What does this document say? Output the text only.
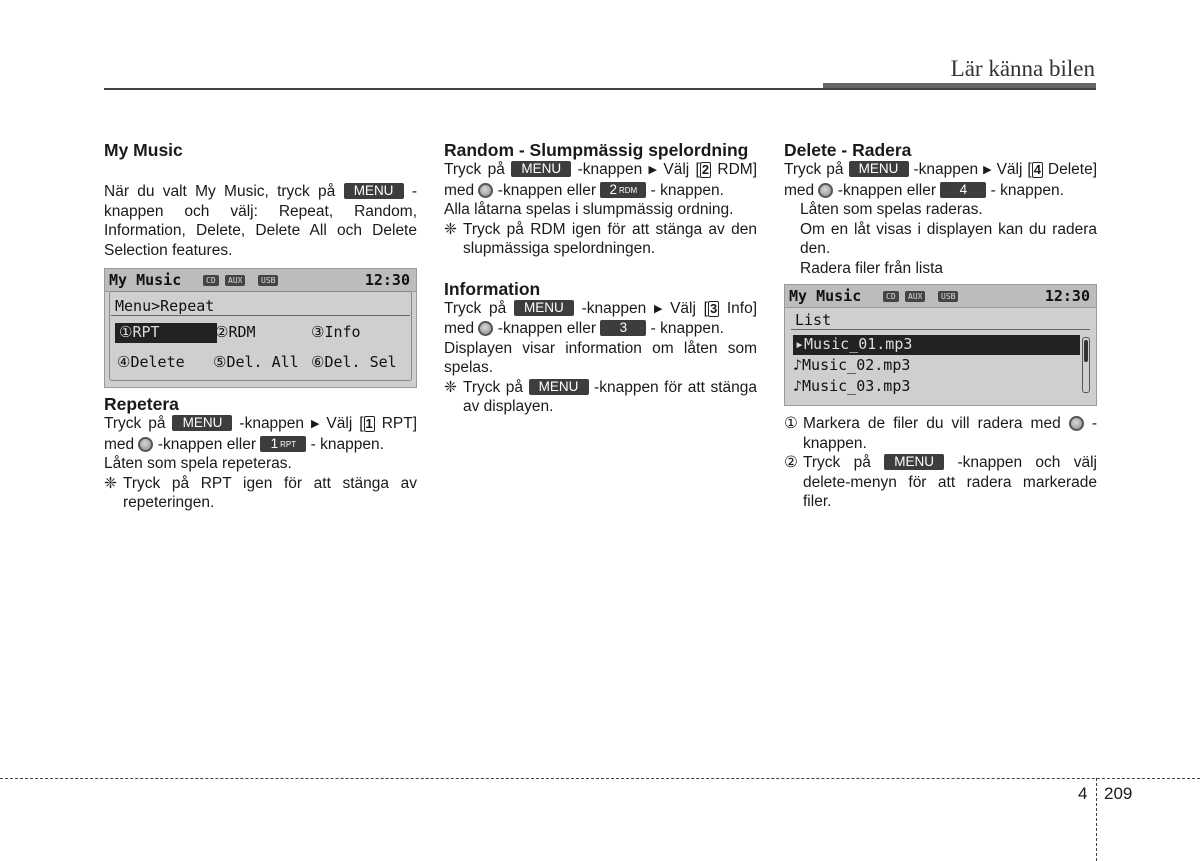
Lär känna bilen
My Music

När du valt My Music, tryck på MENU - knappen och välj: Repeat, Random, Information, Delete, Delete All och Delete Selection features.

My Music	CD	AUX	USB	12:30
Menu>Repeat
①RPT	②RDM	③Info
④Delete ⑤Del. All ⑥Del. Sel
Repetera

Tryck på MENU -knappen ▶ Välj [ 1 RPT] med -knappen eller 1 RPT - knappen.

Låten som spela repeteras.

❈ Tryck på RPT igen för att stänga av repeteringen.

Random - Slumpmässig spelordning

Tryck på MENU -knappen ▶ Välj [ 2 RDM] med -knappen eller 2 RDM - knappen.

Alla låtarna spelas i slumpmässig ordning.

❈ Tryck på RDM igen för att stänga av den slupmässiga spelordningen.

Information

Tryck på MENU -knappen ▶ Välj [ 3 Info] med -knappen eller 3 - knappen.

Displayen visar information om låten som spelas.

❈ Tryck på MENU -knappen för att stänga av displayen.

Delete - Radera

Tryck på MENU -knappen ▶ Välj [ 4 Delete] med -knappen eller 4 - knappen.

Låten som spelas raderas.

Om en låt visas i displayen kan du radera den.

Radera filer från lista

My Music	CD	AUX	USB	12:30
List
▸Music_01.mp3
♪Music_02.mp3
♪Music_03.mp3
① Markera de filer du vill radera med -knappen.

② Tryck på MENU -knappen och välj delete-menyn för att radera markerade filer.

4 209
